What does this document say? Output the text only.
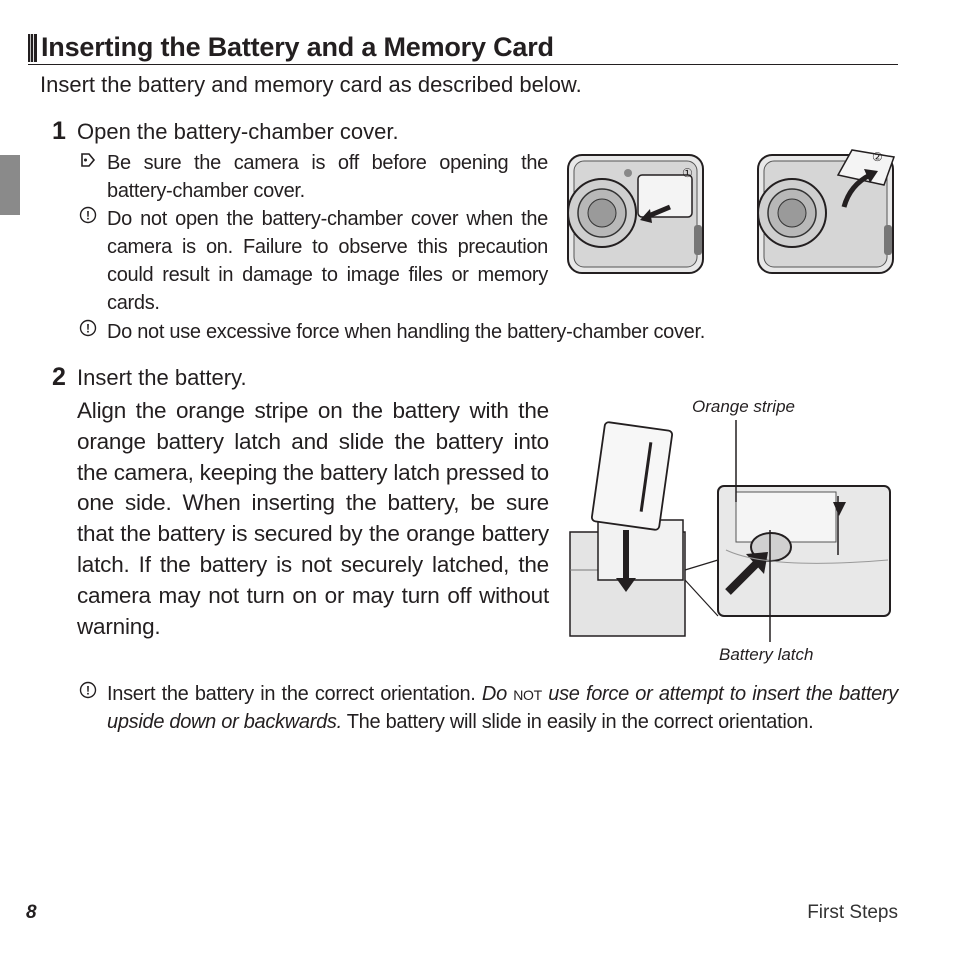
Inserting the Battery and a Memory Card
Insert the battery and memory card as described below.
1 Open the battery-chamber cover.
Be sure the camera is off before opening the battery-chamber cover.
! Do not open the battery-chamber cover when the camera is on. Failure to observe this precaution could result in damage to image files or memory cards.
! Do not use excessive force when handling the battery-chamber cover.
①
②
2 Insert the battery.
Align the orange stripe on the battery with the orange battery latch and slide the battery into the camera, keeping the battery latch pressed to one side. When inserting the battery, be sure that the battery is secured by the orange battery latch. If the battery is not securely latched, the camera may not turn on or may turn off without warning.
Orange stripe
Battery latch
! Insert the battery in the correct orientation. Do not use force or attempt to insert the battery upside down or backwards. The battery will slide in easily in the correct orientation.
8	First Steps
